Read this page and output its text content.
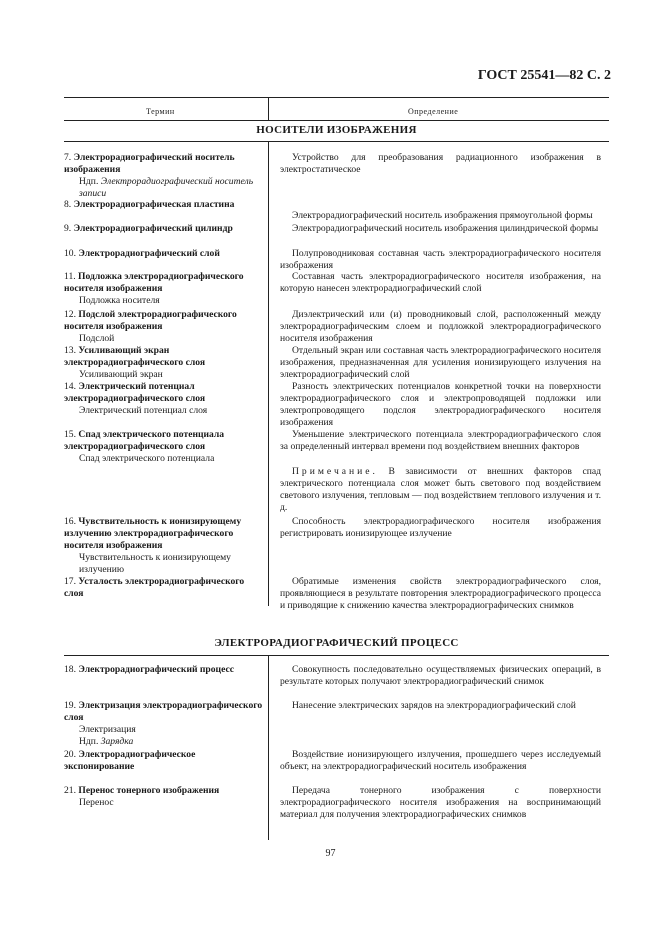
ГОСТ 25541—82 С. 2
Термин	Определение
НОСИТЕЛИ ИЗОБРАЖЕНИЯ
7. Электрорадиографический носитель изображения
Ндп. Электрорадиографический носитель записи
8. Электрорадиографическая пластина
9. Электрорадиографический цилиндр
10. Электрорадиографический слой
11. Подложка электрорадиографического носителя изображения
Подложка носителя
12. Подслой электрорадиографического носителя изображения
Подслой
13. Усиливающий экран электрорадиографического слоя
Усиливающий экран
14. Электрический потенциал электрорадиографического слоя
Электрический потенциал слоя
15. Спад электрического потенциала электрорадиографического слоя
Спад электрического потенциала
16. Чувствительность к ионизирующему излучению электрорадиографического носителя изображения
Чувствительность к ионизирующему излучению
17. Усталость электрорадиографического слоя
ЭЛЕКТРОРАДИОГРАФИЧЕСКИЙ ПРОЦЕСС
18. Электрорадиографический процесс
19. Электризация электрорадиографического слоя
Электризация
Ндп. Зарядка
20. Электрорадиографическое экспонирование
21. Перенос тонерного изображения
Перенос
Устройство для преобразования радиационного изображения в электростатическое
Электрорадиографический носитель изображения прямоугольной формы
Электрорадиографический носитель изображения цилиндрической формы
Полупроводниковая составная часть электрорадиографического носителя изображения
Составная часть электрорадиографического носителя изображения, на которую нанесен электрорадиографический слой
Диэлектрический или (и) проводниковый слой, расположенный между электрорадиографическим слоем и подложкой электрорадиографического носителя изображения
Отдельный экран или составная часть электрорадиографического носителя изображения, предназначенная для усиления ионизирующего излучения на электрорадиографический слой
Разность электрических потенциалов конкретной точки на поверхности электрорадиографического слоя и электропроводящей подложки или электропроводящего подслоя электрорадиографического носителя изображения
Уменьшение электрического потенциала электрорадиографического слоя за определенный интервал времени под воздействием внешних факторов
Примечание. В зависимости от внешних факторов спад электрического потенциала слоя может быть светового под воздействием светового излучения, тепловым — под воздействием теплового излучения и т. д.
Способность электрорадиографического носителя изображения регистрировать ионизирующее излучение
Обратимые изменения свойств электрорадиографического слоя, проявляющиеся в результате повторения электрорадиографического процесса и приводящие к снижению качества электрорадиографических снимков
Совокупность последовательно осуществляемых физических операций, в результате которых получают электрорадиографический снимок
Нанесение электрических зарядов на электрорадиографический слой
Воздействие ионизирующего излучения, прошедшего через исследуемый объект, на электрорадиографический носитель изображения
Передача тонерного изображения с поверхности электрорадиографического носителя изображения на воспринимающий материал для получения электрорадиографических снимков
97
